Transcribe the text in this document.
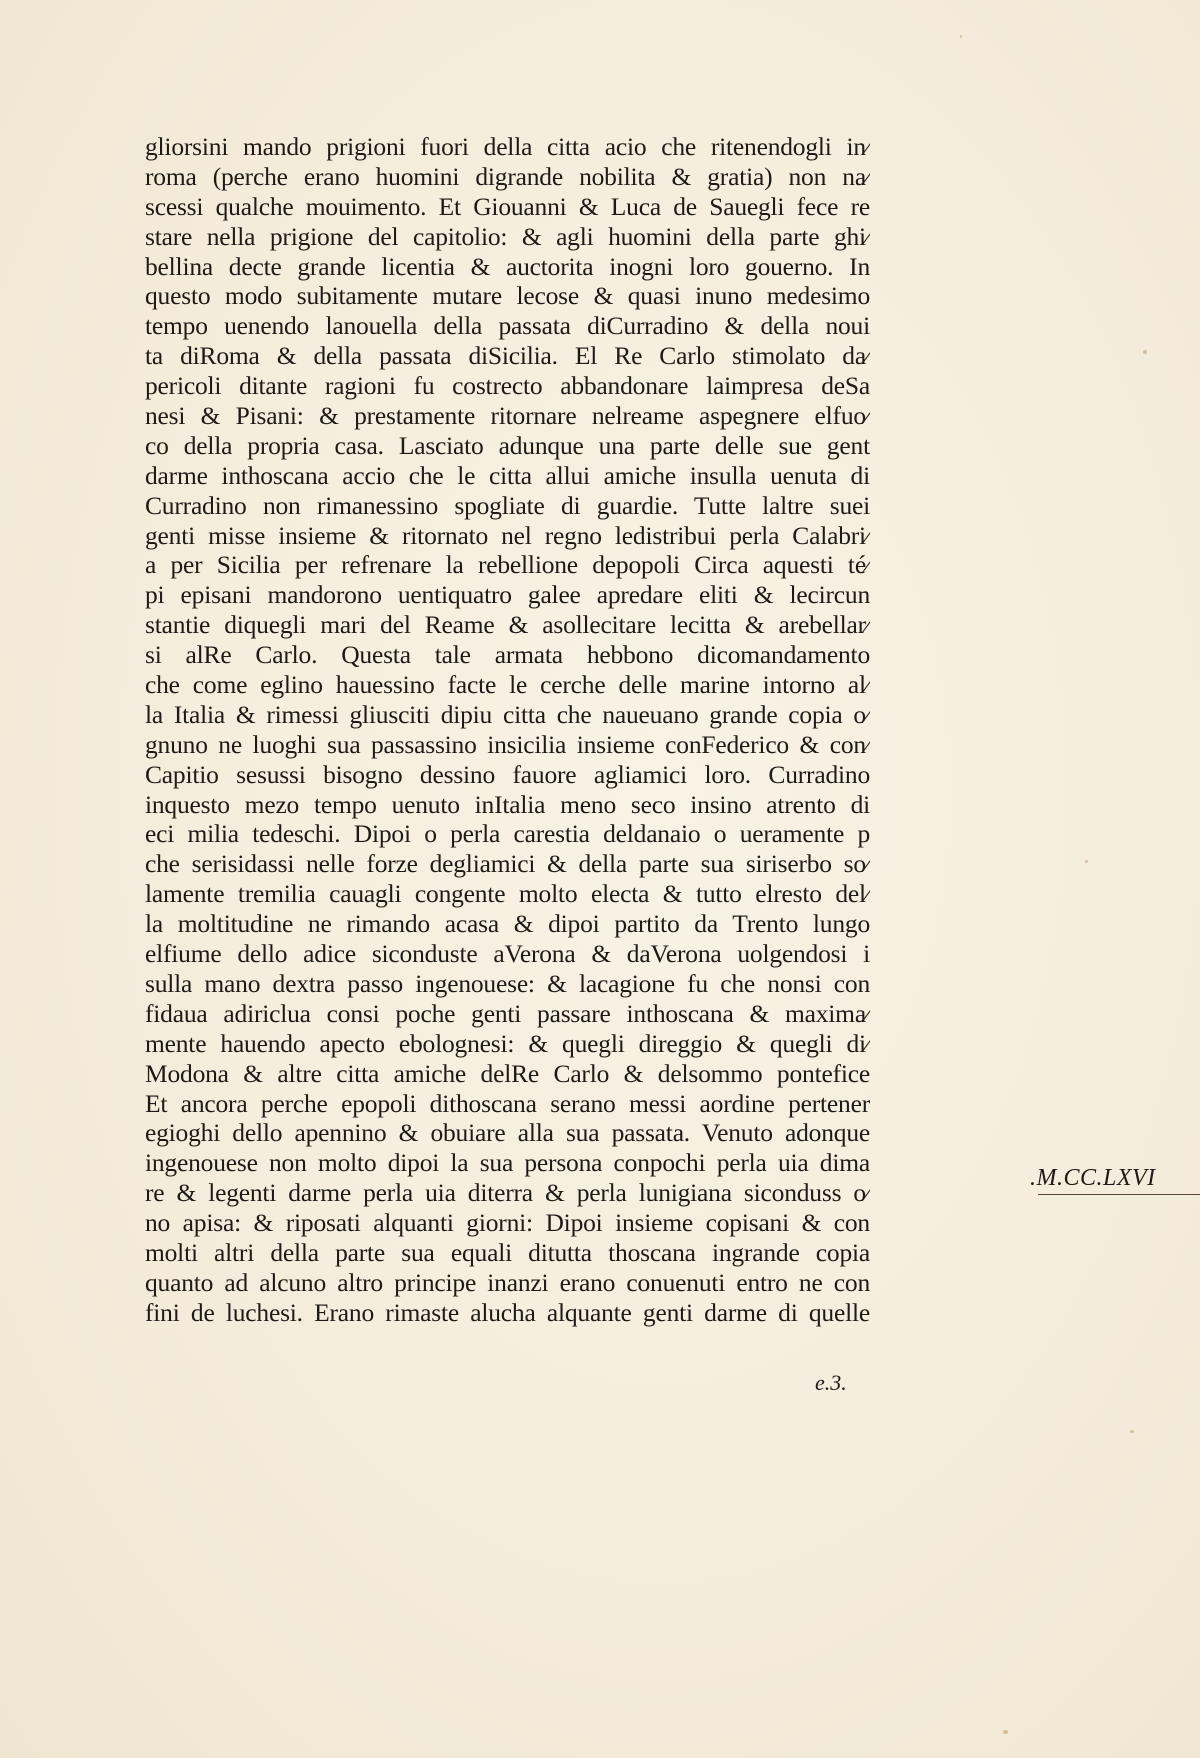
gliorsini mando prigioni fuori della citta acio che ritenendogli in⁄
roma (perche erano huomini digrande nobilita & gratia) non na⁄
scessi qualche mouimento. Et Giouanni & Luca de Sauegli fece re
stare nella prigione del capitolio: & agli huomini della parte ghi⁄
bellina decte grande licentia & auctorita inogni loro gouerno. In
questo modo subitamente mutare lecose & quasi inuno medesimo
tempo uenendo lanouella della passata diCurradino & della noui
ta diRoma & della passata diSicilia. El Re Carlo stimolato da⁄
pericoli ditante ragioni fu costrecto abbandonare laimpresa deSa
nesi & Pisani: & prestamente ritornare nelreame aspegnere elfuo⁄
co della propria casa. Lasciato adunque una parte delle sue gent
darme inthoscana accio che le citta allui amiche insulla uenuta di
Curradino non rimanessino spogliate di guardie. Tutte laltre suei
genti misse insieme & ritornato nel regno ledistribui perla Calabri⁄
a per Sicilia per refrenare la rebellione depopoli Circa aquesti té⁄
pi episani mandorono uentiquatro galee apredare eliti & lecircun
stantie diquegli mari del Reame & asollecitare lecitta & arebellar⁄
si alRe Carlo. Questa tale armata hebbono dicomandamento
che come eglino hauessino facte le cerche delle marine intorno al⁄
la Italia & rimessi gliusciti dipiu citta che naueuano grande copia o⁄
gnuno ne luoghi sua passassino insicilia insieme conFederico & con⁄
Capitio sesussi bisogno dessino fauore agliamici loro. Curradino
inquesto mezo tempo uenuto inItalia meno seco insino atrento di
eci milia tedeschi. Dipoi o perla carestia deldanaio o ueramente p
che serisidassi nelle forze degliamici & della parte sua siriserbo so⁄
lamente tremilia cauagli congente molto electa & tutto elresto del⁄
la moltitudine ne rimando acasa & dipoi partito da Trento lungo
elfiume dello adice siconduste aVerona & daVerona uolgendosi i
sulla mano dextra passo ingenouese: & lacagione fu che nonsi con
fidaua adiriclua consi poche genti passare inthoscana & maxima⁄
mente hauendo apecto ebolognesi: & quegli direggio & quegli di⁄
Modona & altre citta amiche delRe Carlo & delsommo pontefice
Et ancora perche epopoli dithoscana serano messi aordine pertener
egioghi dello apennino & obuiare alla sua passata. Venuto adonque
ingenouese non molto dipoi la sua persona conpochi perla uia dima
re & legenti darme perla uia diterra & perla lunigiana siconduss o⁄
no apisa: & riposati alquanti giorni: Dipoi insieme copisani & con
molti altri della parte sua equali ditutta thoscana ingrande copia
quanto ad alcuno altro principe inanzi erano conuenuti entro ne con
fini de luchesi. Erano rimaste alucha alquante genti darme di quelle
e.3.
.M.CC.LXVI
